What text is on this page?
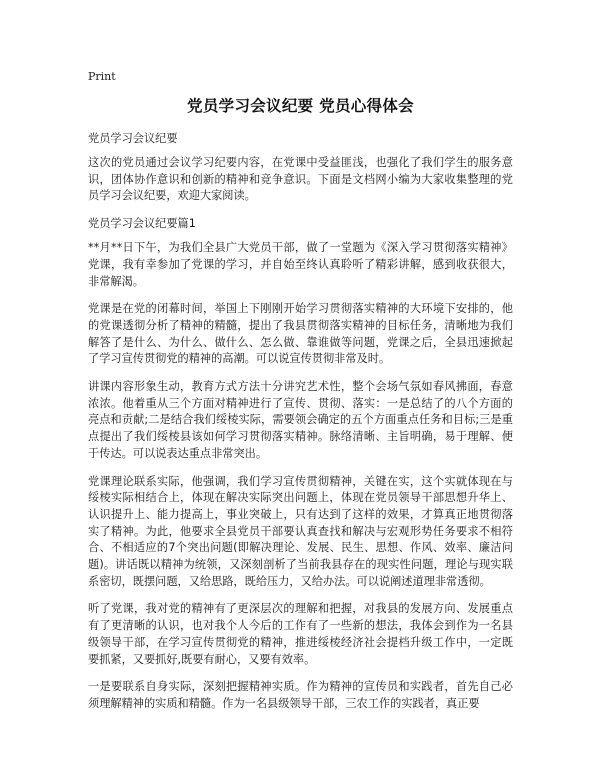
Print
党员学习会议纪要 党员心得体会

党员学习会议纪要

这次的党员通过会议学习纪要内容，在党课中受益匪浅，也强化了我们学生的服务意识，团体协作意识和创新的精神和竞争意识。下面是文档网小编为大家收集整理的党员学习会议纪要，欢迎大家阅读。

党员学习会议纪要篇1

**月**日下午，为我们全县广大党员干部，做了一堂题为《深入学习贯彻落实精神》党课，我有幸参加了党课的学习，并自始至终认真聆听了精彩讲解，感到收获很大，非常解渴。

党课是在党的闭幕时间，举国上下刚刚开始学习贯彻落实精神的大环境下安排的，他的党课透彻分析了精神的精髓，提出了我县贯彻落实精神的目标任务，清晰地为我们解答了是什么、为什么、做什么、怎么做、靠谁做等问题，党课之后，全县迅速掀起了学习宣传贯彻党的精神的高潮。可以说宣传贯彻非常及时。

讲课内容形象生动，教育方式方法十分讲究艺术性，整个会场气氛如春风拂面，春意浓浓。他着重从三个方面对精神进行了宣传、贯彻、落实：一是总结了的八个方面的亮点和贡献;二是结合我们绥棱实际，需要领会确定的五个方面重点任务和目标;三是重点提出了我们绥棱县该如何学习贯彻落实精神。脉络清晰、主旨明确，易于理解、便于传达。可以说表达重点非常突出。

党课理论联系实际，他强调，我们学习宣传贯彻精神，关键在实，这个实就体现在与绥棱实际相结合上，体现在解决实际突出问题上，体现在党员领导干部思想升华上、认识提升上、能力提高上，事业突破上，只有达到了这样的效果，才算真正地贯彻落实了精神。为此，他要求全县党员干部要认真查找和解决与宏观形势任务要求不相符合、不相适应的7个突出问题(即解决理论、发展、民生、思想、作风、效率、廉洁问题)。讲话既以精神为统领，又深刻剖析了当前我县存在的现实性问题，理论与现实联系密切，既摆问题，又给思路，既给压力，又给办法。可以说阐述道理非常透彻。

听了党课，我对党的精神有了更深层次的理解和把握，对我县的发展方向、发展重点有了更清晰的认识，也对我个人今后的工作有了一些新的想法，我体会到作为一名县级领导干部，在学习宣传贯彻党的精神，推进绥棱经济社会提档升级工作中，一定既要抓紧，又要抓好,既要有耐心，又要有效率。

一是要联系自身实际，深刻把握精神实质。作为精神的宣传员和实践者，首先自己必须理解精神的实质和精髓。作为一名县级领导干部，三农工作的实践者，真正要
